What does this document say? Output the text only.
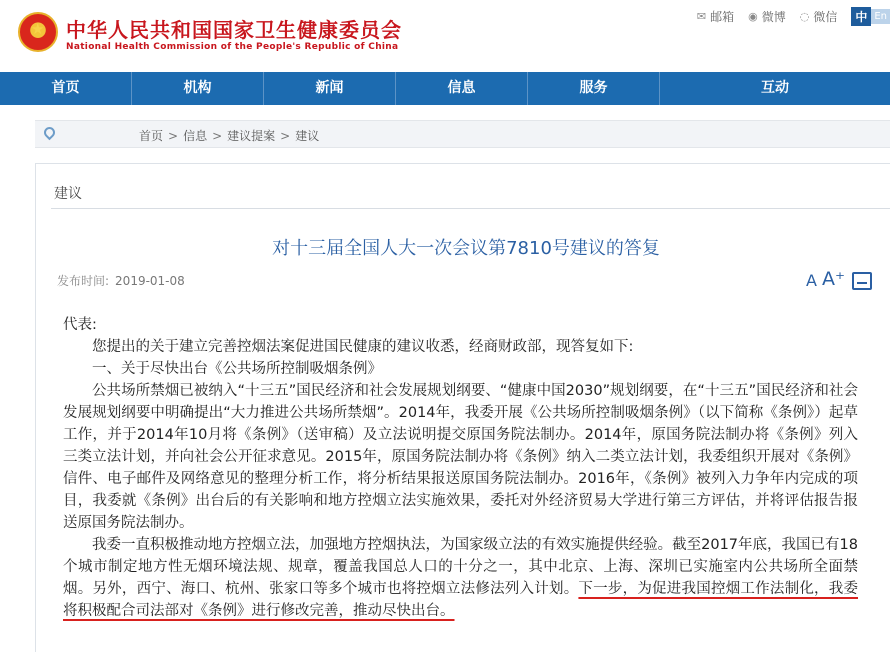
★
中华人民共和国国家卫生健康委员会
National Health Commission of the People's Republic of China
✉ 邮箱 ◉ 微博 ◌ 微信	中 En
首页	机构	新闻	信息	服务	互动
首页 > 信息 > 建议提案 > 建议
建议
对十三届全国人大一次会议第7810号建议的答复
发布时间: 2019-01-08	A A⁺

代表:

您提出的关于建立完善控烟法案促进国民健康的建议收悉，经商财政部，现答复如下:

一、关于尽快出台《公共场所控制吸烟条例》

公共场所禁烟已被纳入“十三五”国民经济和社会发展规划纲要、“健康中国2030”规划纲要，在“十三五”国民经济和社会发展规划纲要中明确提出“大力推进公共场所禁烟”。2014年，我委开展《公共场所控制吸烟条例》（以下简称《条例》）起草工作，并于2014年10月将《条例》（送审稿）及立法说明提交原国务院法制办。2014年，原国务院法制办将《条例》列入三类立法计划，并向社会公开征求意见。2015年，原国务院法制办将《条例》纳入二类立法计划，我委组织开展对《条例》信件、电子邮件及网络意见的整理分析工作，将分析结果报送原国务院法制办。2016年，《条例》被列入力争年内完成的项目，我委就《条例》出台后的有关影响和地方控烟立法实施效果，委托对外经济贸易大学进行第三方评估，并将评估报告报送原国务院法制办。

我委一直积极推动地方控烟立法，加强地方控烟执法，为国家级立法的有效实施提供经验。截至2017年底，我国已有18个城市制定地方性无烟环境法规、规章，覆盖我国总人口的十分之一，其中北京、上海、深圳已实施室内公共场所全面禁烟。另外，西宁、海口、杭州、张家口等多个城市也将控烟立法修法列入计划。下一步，为促进我国控烟工作法制化，我委将积极配合司法部对《条例》进行修改完善，推动尽快出台。
